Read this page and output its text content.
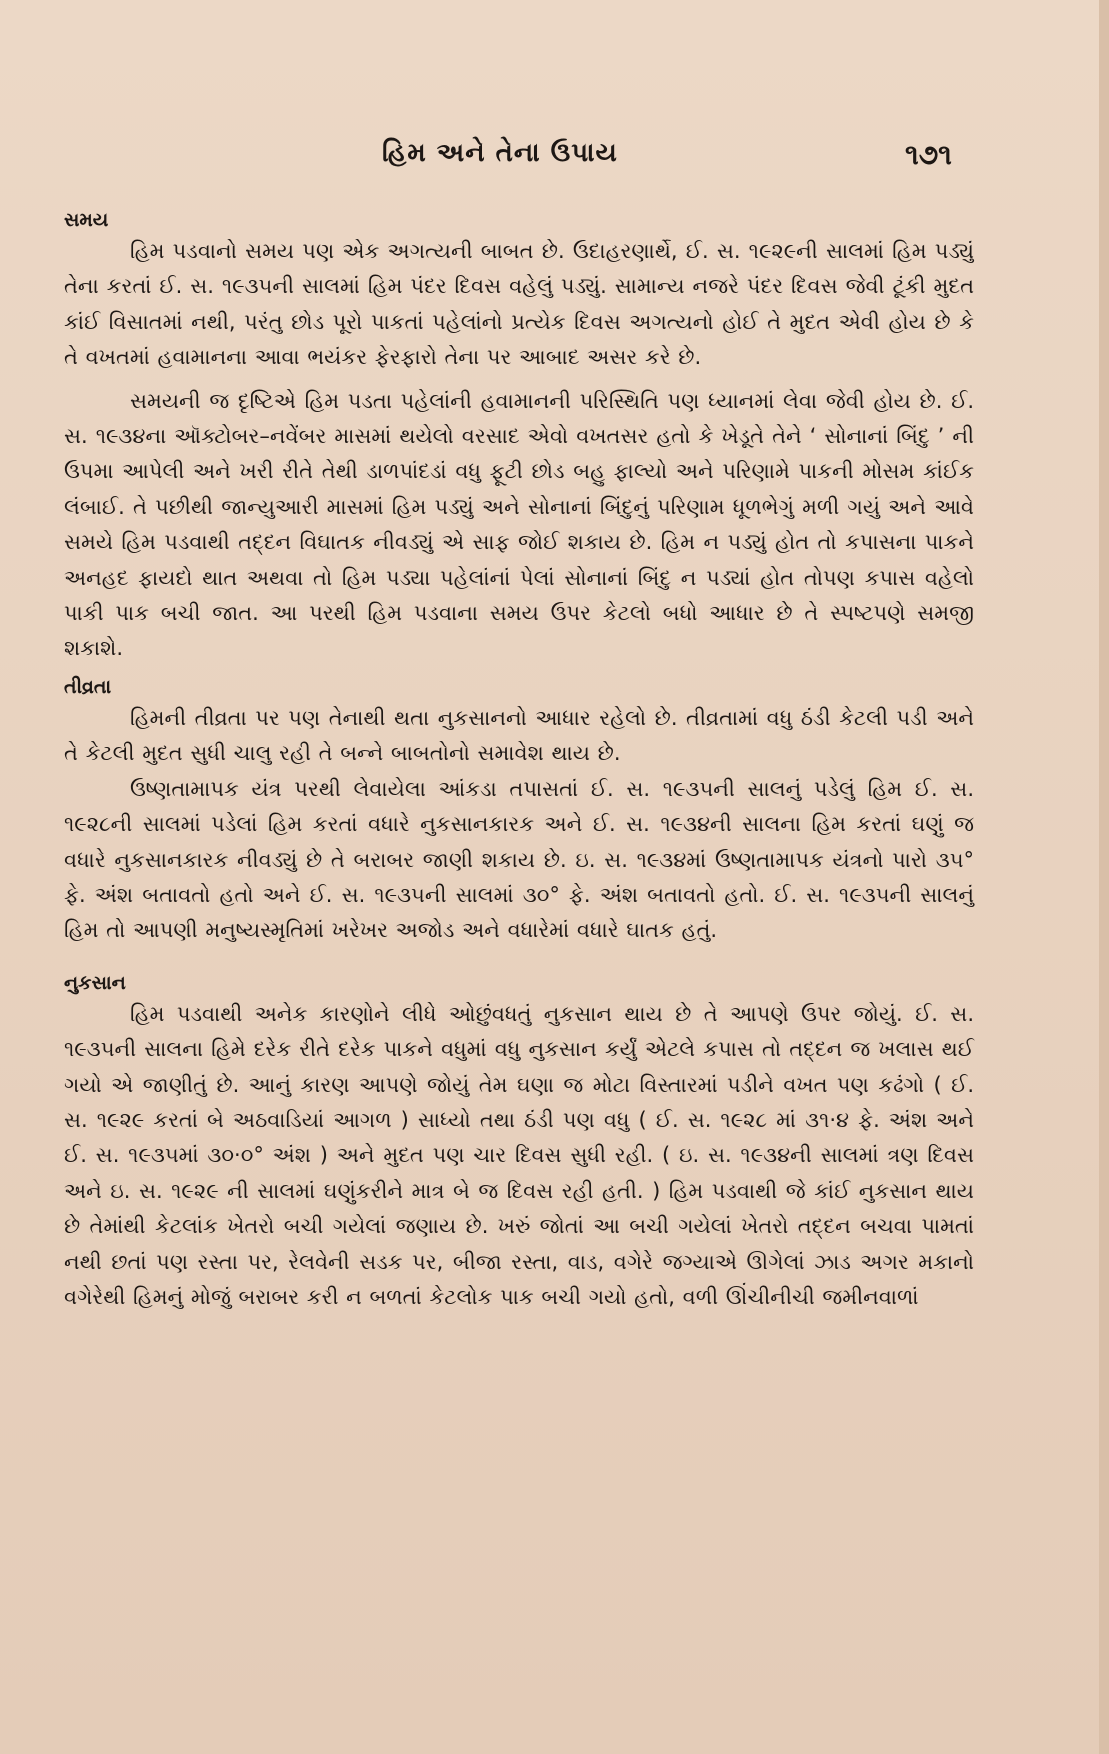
હિમ અને તેના ઉપાય	૧૭૧
સમય

હિમ પડવાનો સમય પણ એક અગત્યની બાબત છે. ઉદાહરણાર્થે, ઈ. સ. ૧૯૨૯ની સાલમાં હિમ પડ્યું તેના કરતાં ઈ. સ. ૧૯૩૫ની સાલમાં હિમ પંદર દિવસ વહેલું પડ્યું. સામાન્ય નજરે પંદર દિવસ જેવી ટૂંકી મુદત કાંઈ વિસાતમાં નથી, પરંતુ છોડ પૂરો પાકતાં પહેલાંનો પ્રત્યેક દિવસ અગત્યનો હોઈ તે મુદત એવી હોય છે કે તે વખતમાં હવામાનના આવા ભયંકર ફેરફારો તેના પર આબાદ અસર કરે છે.

સમયની જ દૃષ્ટિએ હિમ પડતા પહેલાંની હવામાનની પરિસ્થિતિ પણ ધ્યાનમાં લેવા જેવી હોય છે. ઈ. સ. ૧૯૩૪ના ઑક્ટોબર–નવેંબર માસમાં થયેલો વરસાદ એવો વખતસર હતો કે ખેડૂતે તેને ‘ સોનાનાં બિંદુ ’ ની ઉપમા આપેલી અને ખરી રીતે તેથી ડાળપાંદડાં વધુ ફૂટી છોડ બહુ ફાલ્યો અને પરિણામે પાકની મોસમ કાંઈક લંબાઈ. તે પછીથી જાન્યુઆરી માસમાં હિમ પડ્યું અને સોનાનાં બિંદુનું પરિણામ ધૂળભેગું મળી ગયું અને આવે સમયે હિમ પડવાથી તદ્દન વિઘાતક નીવડ્યું એ સાફ જોઈ શકાય છે. હિમ ન પડ્યું હોત તો કપાસના પાકને અનહદ ફાયદો થાત અથવા તો હિમ પડ્યા પહેલાંનાં પેલાં સોનાનાં બિંદુ ન પડ્યાં હોત તોપણ કપાસ વહેલો પાકી પાક બચી જાત. આ પરથી હિમ પડવાના સમય ઉપર કેટલો બધો આધાર છે તે સ્પષ્ટપણે સમજી શકાશે.

તીવ્રતા

હિમની તીવ્રતા પર પણ તેનાથી થતા નુકસાનનો આધાર રહેલો છે. તીવ્રતામાં વધુ ઠંડી કેટલી પડી અને તે કેટલી મુદત સુધી ચાલુ રહી તે બન્ને બાબતોનો સમાવેશ થાય છે.

ઉષ્ણતામાપક યંત્ર પરથી લેવાયેલા આંકડા તપાસતાં ઈ. સ. ૧૯૩૫ની સાલનું પડેલું હિમ ઈ. સ. ૧૯૨૮ની સાલમાં પડેલાં હિમ કરતાં વધારે નુકસાનકારક અને ઈ. સ. ૧૯૩૪ની સાલના હિમ કરતાં ઘણું જ વધારે નુકસાનકારક નીવડ્યું છે તે બરાબર જાણી શકાય છે. ઇ. સ. ૧૯૩૪માં ઉષ્ણતામાપક યંત્રનો પારો ૩૫° ફે. અંશ બતાવતો હતો અને ઈ. સ. ૧૯૩૫ની સાલમાં ૩૦° ફે. અંશ બતાવતો હતો. ઈ. સ. ૧૯૩૫ની સાલનું હિમ તો આપણી મનુષ્યસ્મૃતિમાં ખરેખર અજોડ અને વધારેમાં વધારે ઘાતક હતું.

નુકસાન

હિમ પડવાથી અનેક કારણોને લીધે ઓછુંવધતું નુકસાન થાય છે તે આપણે ઉપર જોયું. ઈ. સ. ૧૯૩૫ની સાલના હિમે દરેક રીતે દરેક પાકને વધુમાં વધુ નુકસાન કર્યું એટલે કપાસ તો તદ્દન જ ખલાસ થઈ ગયો એ જાણીતું છે. આનું કારણ આપણે જોયું તેમ ઘણા જ મોટા વિસ્તારમાં પડીને વખત પણ કઢંગો ( ઈ. સ. ૧૯૨૯ કરતાં બે અઠવાડિયાં આગળ ) સાધ્યો તથા ઠંડી પણ વધુ ( ઈ. સ. ૧૯૨૮ માં ૩૧·૪ ફે. અંશ અને ઈ. સ. ૧૯૩૫માં ૩૦·૦° અંશ ) અને મુદત પણ ચાર દિવસ સુધી રહી. ( ઇ. સ. ૧૯૩૪ની સાલમાં ત્રણ દિવસ અને ઇ. સ. ૧૯૨૯ ની સાલમાં ઘણુંકરીને માત્ર બે જ દિવસ રહી હતી. ) હિમ પડવાથી જે કાંઈ નુકસાન થાય છે તેમાંથી કેટલાંક ખેતરો બચી ગયેલાં જણાય છે. ખરું જોતાં આ બચી ગયેલાં ખેતરો તદ્દન બચવા પામતાં નથી છતાં પણ રસ્તા પર, રેલવેની સડક પર, બીજા રસ્તા, વાડ, વગેરે જગ્યાએ ઊગેલાં ઝાડ અગર મકાનો વગેરેથી હિમનું મોજું બરાબર કરી ન બળતાં કેટલોક પાક બચી ગયો હતો, વળી ઊંચીનીચી જમીનવાળાં
